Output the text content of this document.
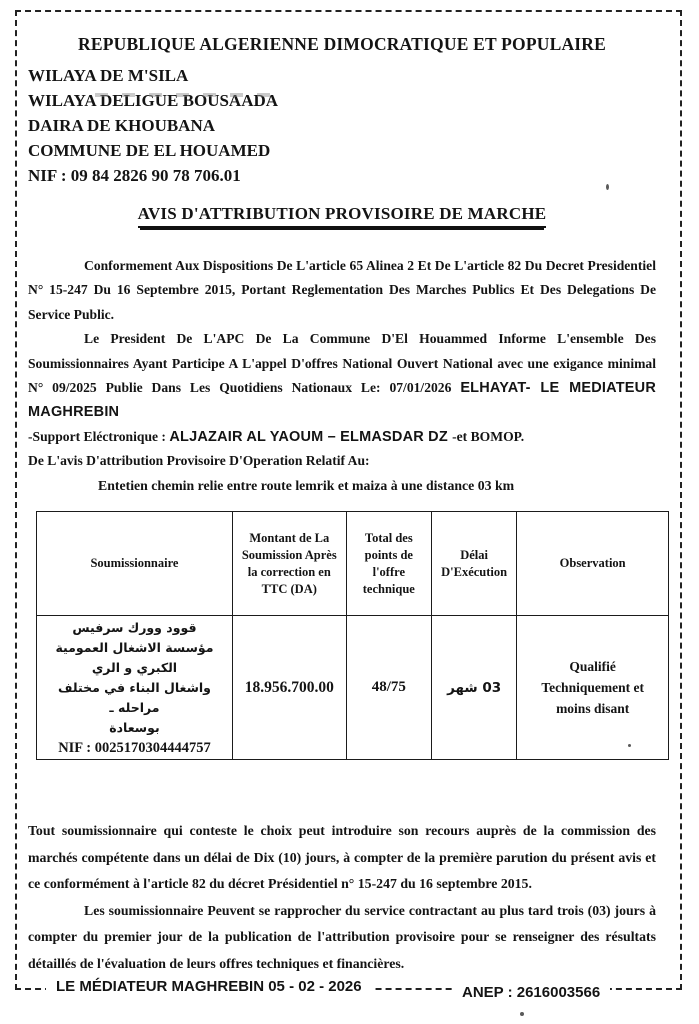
REPUBLIQUE ALGERIENNE DIMOCRATIQUE ET POPULAIRE
WILAYA DE M'SILA
WILAYA DELIGUE BOUSAADA
DAIRA DE KHOUBANA
COMMUNE DE EL HOUAMED
NIF : 09 84 2826 90 78 706.01
AVIS D'ATTRIBUTION PROVISOIRE DE MARCHE

Conformement Aux Dispositions De L'article 65 Alinea 2 Et De L'article 82 Du Decret Presidentiel N° 15-247 Du 16 Septembre 2015, Portant Reglementation Des Marches Publics Et Des Delegations De Service Public.

Le President De L'APC De La Commune D'El Houammed Informe L'ensemble Des Soumissionnaires Ayant Participe A L'appel D'offres National Ouvert National avec une exigance minimal N° 09/2025 Publie Dans Les Quotidiens Nationaux Le: 07/01/2026 ELHAYAT- LE MEDIATEUR MAGHREBIN

-Support Eléctronique : ALJAZAIR AL YAOUM – ELMASDAR DZ -et BOMOP.

De L'avis D'attribution Provisoire D'Operation Relatif Au:

Entetien chemin relie entre route lemrik et maiza à une distance 03 km

Soumissionnaire	Montant de La Soumission Après la correction en TTC (DA)	Total des points de l'offre technique	Délai D'Exécution	Observation

قوود وورك سرفيس
مؤسسة الاشغال العمومية الكبري و الري
واشغال البناء في مختلف مراحله ـ
بوسعادة
NIF : 0025170304444757	18.956.700.00	48/75	03 شهر	Qualifié Techniquement et moins disant

Tout soumissionnaire qui conteste le choix peut introduire son recours auprès de la commission des marchés compétente dans un délai de Dix (10) jours, à compter de la première parution du présent avis et ce conformément à l'article 82 du décret Présidentiel n° 15-247 du 16 septembre 2015.

Les soumissionnaire Peuvent se rapprocher du service contractant au plus tard trois (03) jours à compter du premier jour de la publication de l'attribution provisoire pour se renseigner des résultats détaillés de l'évaluation de leurs offres techniques et financières.

LE MÉDIATEUR MAGHREBIN 05 - 02 - 2026	ANEP : 2616003566
